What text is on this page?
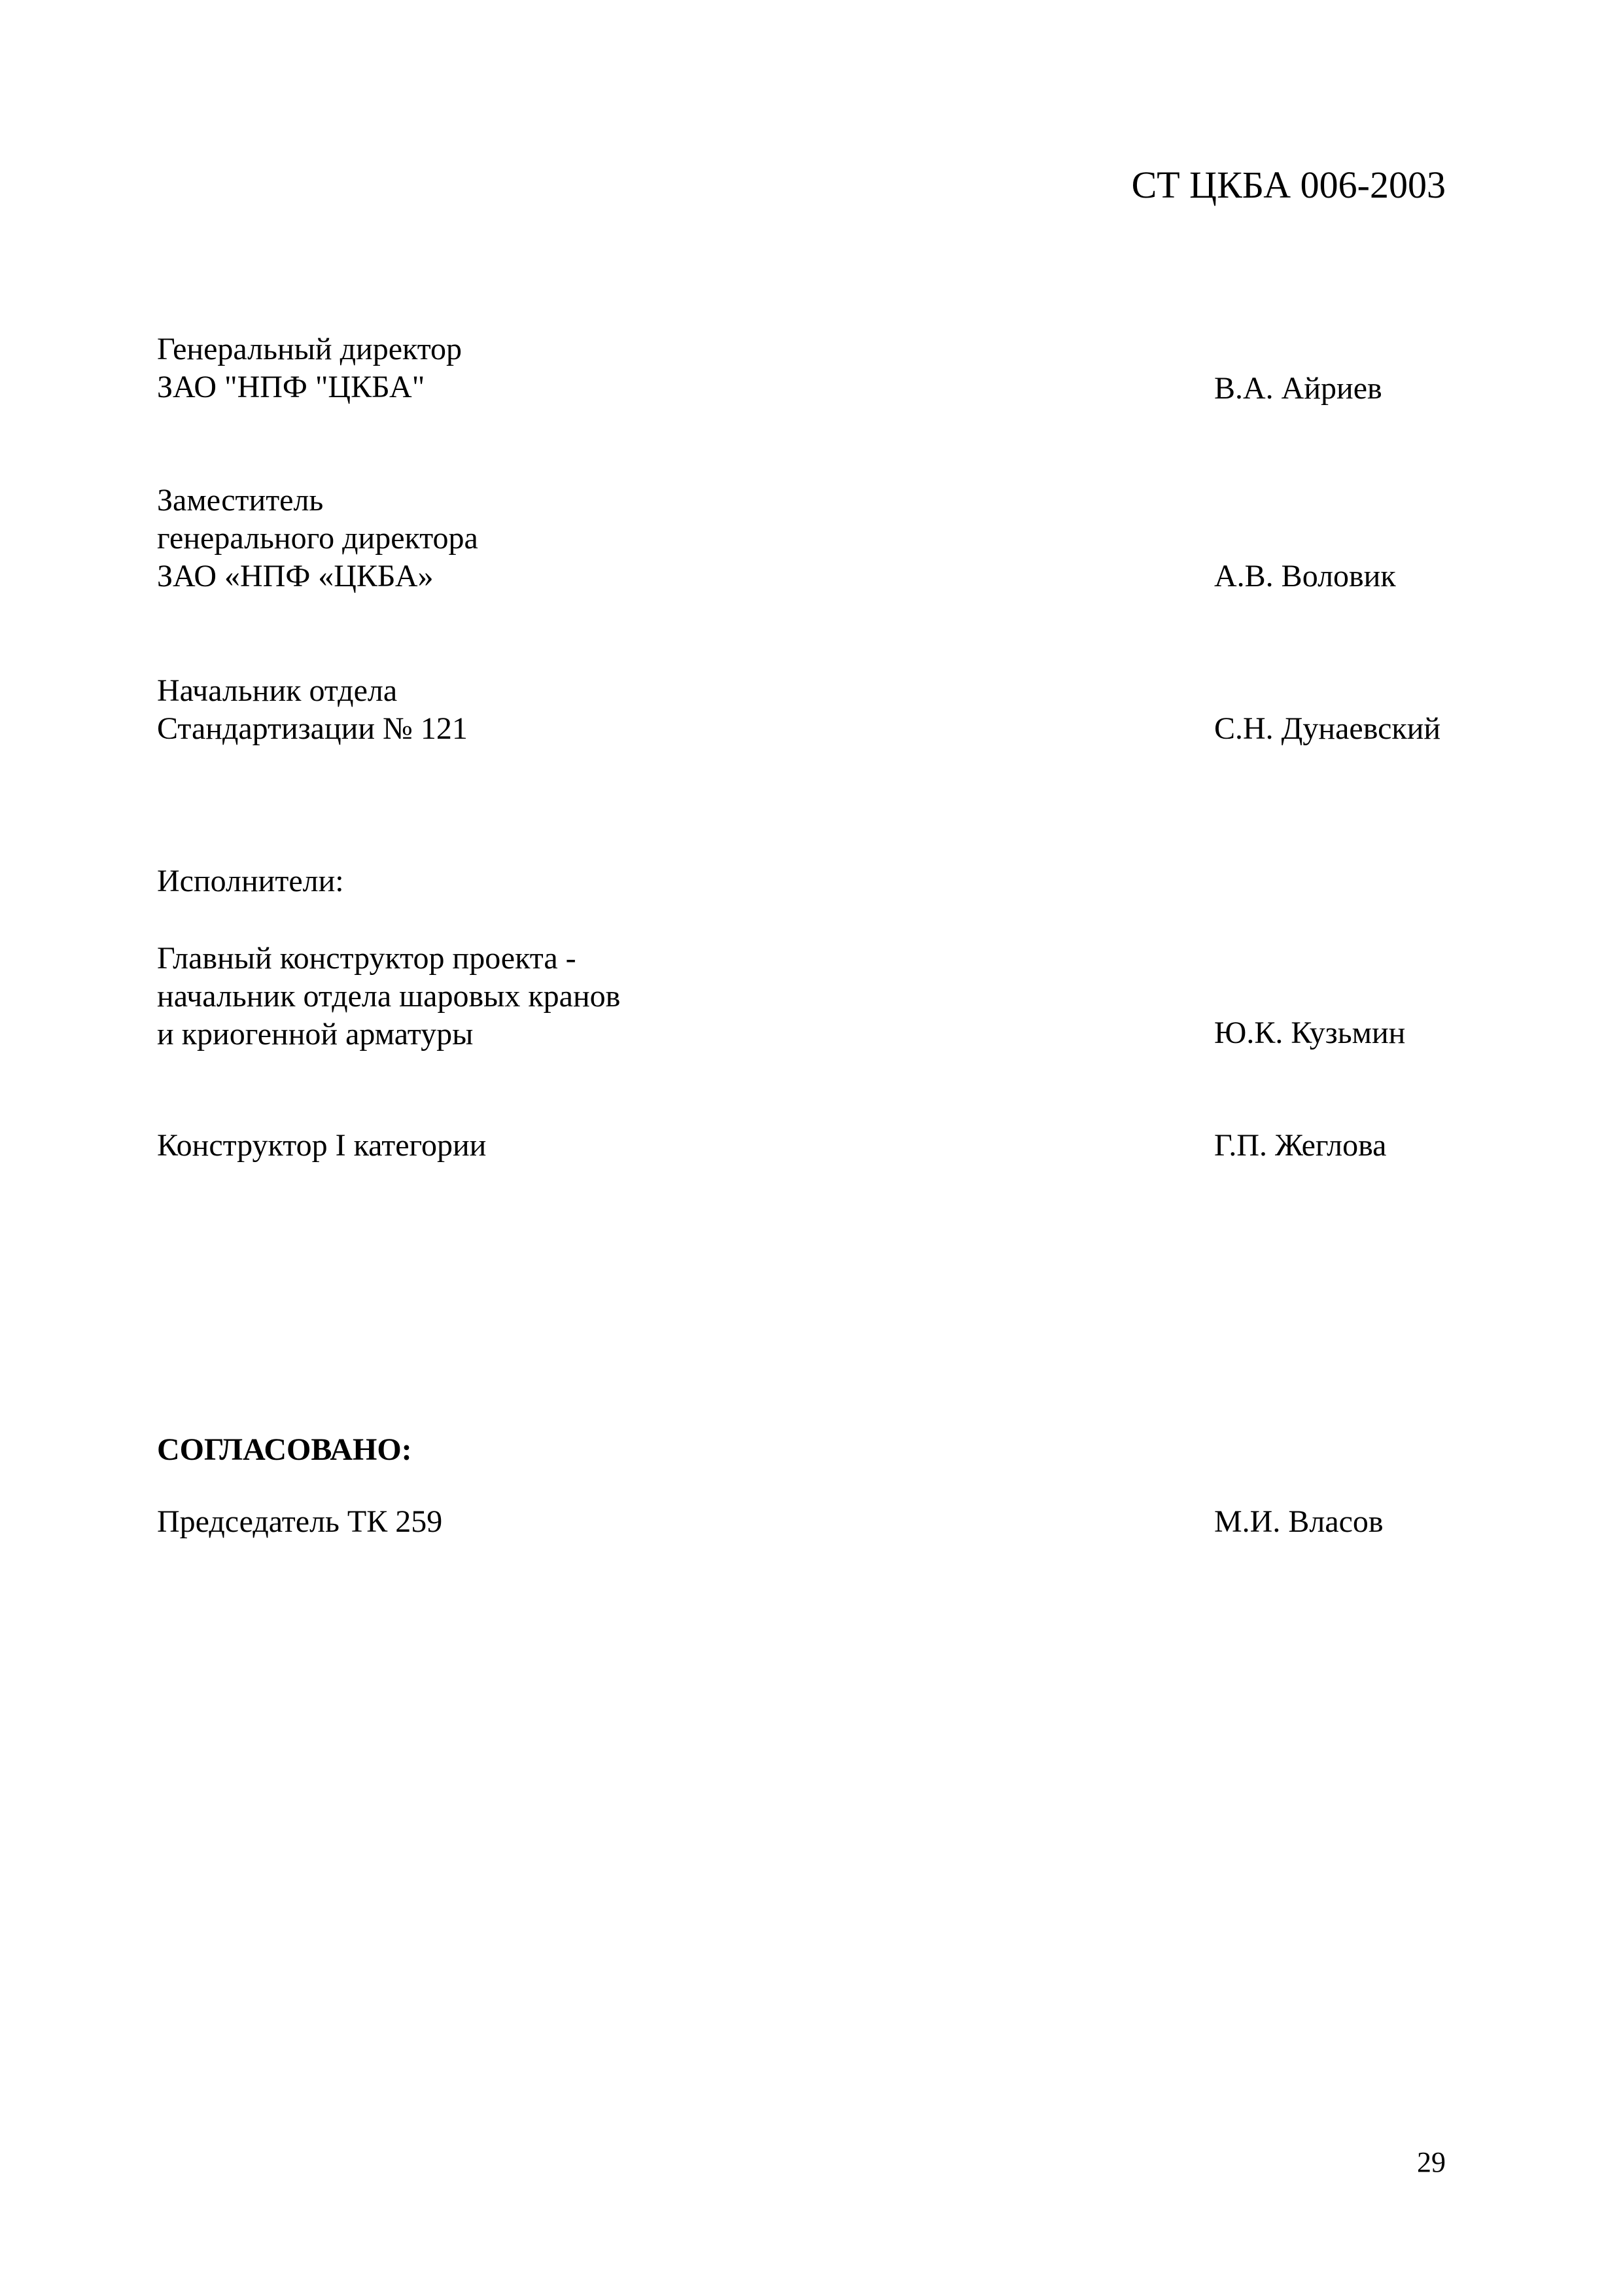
СТ ЦКБА 006-2003
Генеральный директор
ЗАО "НПФ "ЦКБА"	В.А. Айриев
Заместитель
генерального директора
ЗАО «НПФ «ЦКБА»	А.В. Воловик
Начальник отдела
Стандартизации № 121	С.Н. Дунаевский
Исполнители:
Главный конструктор проекта -
начальник отдела шаровых кранов
и криогенной арматуры	Ю.К. Кузьмин
Конструктор I категории	Г.П. Жеглова
СОГЛАСОВАНО:
Председатель ТК 259	М.И. Власов
29
